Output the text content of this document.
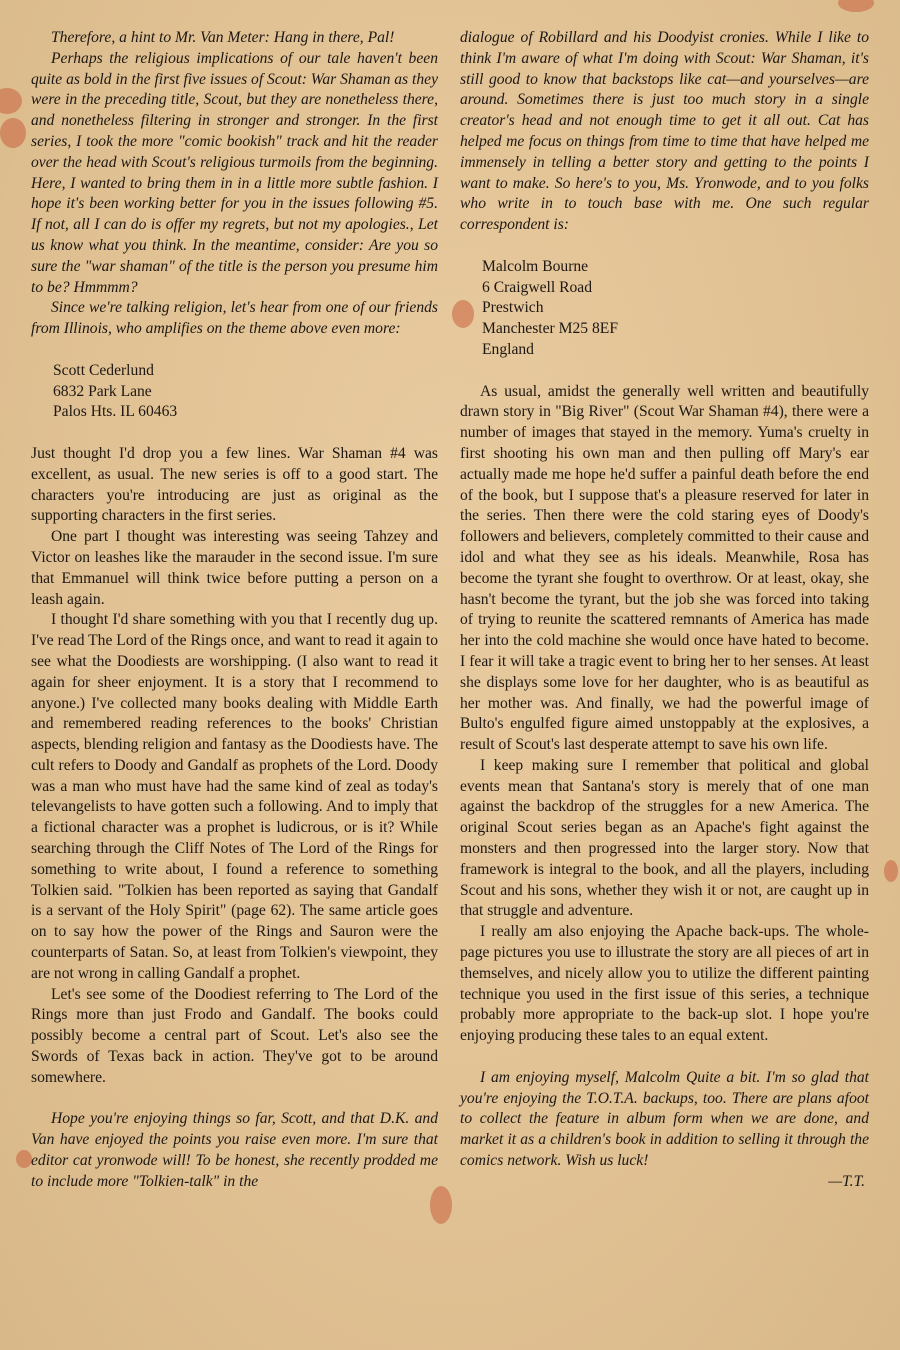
Therefore, a hint to Mr. Van Meter: Hang in there, Pal!

Perhaps the religious implications of our tale haven't been quite as bold in the first five issues of Scout: War Shaman as they were in the preceding title, Scout, but they are nonetheless there, and nonetheless filtering in stronger and stronger. In the first series, I took the more "comic bookish" track and hit the reader over the head with Scout's religious turmoils from the beginning. Here, I wanted to bring them in in a little more subtle fashion. I hope it's been working better for you in the issues following #5. If not, all I can do is offer my regrets, but not my apologies., Let us know what you think. In the meantime, consider: Are you so sure the "war shaman" of the title is the person you presume him to be? Hmmmm?

Since we're talking religion, let's hear from one of our friends from Illinois, who amplifies on the theme above even more:

Scott Cederlund

6832 Park Lane

Palos Hts. IL 60463

Just thought I'd drop you a few lines. War Shaman #4 was excellent, as usual. The new series is off to a good start. The characters you're introducing are just as original as the supporting characters in the first series.

One part I thought was interesting was seeing Tahzey and Victor on leashes like the marauder in the second issue. I'm sure that Emmanuel will think twice before putting a person on a leash again.

I thought I'd share something with you that I recently dug up. I've read The Lord of the Rings once, and want to read it again to see what the Doodiests are worshipping. (I also want to read it again for sheer enjoyment. It is a story that I recommend to anyone.) I've collected many books dealing with Middle Earth and remembered reading references to the books' Christian aspects, blending religion and fantasy as the Doodiests have. The cult refers to Doody and Gandalf as prophets of the Lord. Doody was a man who must have had the same kind of zeal as today's televangelists to have gotten such a following. And to imply that a fictional character was a prophet is ludicrous, or is it? While searching through the Cliff Notes of The Lord of the Rings for something to write about, I found a reference to something Tolkien said. "Tolkien has been reported as saying that Gandalf is a servant of the Holy Spirit" (page 62). The same article goes on to say how the power of the Rings and Sauron were the counterparts of Satan. So, at least from Tolkien's viewpoint, they are not wrong in calling Gandalf a prophet.

Let's see some of the Doodiest referring to The Lord of the Rings more than just Frodo and Gandalf. The books could possibly become a central part of Scout. Let's also see the Swords of Texas back in action. They've got to be around somewhere.

Hope you're enjoying things so far, Scott, and that D.K. and Van have enjoyed the points you raise even more. I'm sure that editor cat yronwode will! To be honest, she recently prodded me to include more "Tolkien-talk" in the

dialogue of Robillard and his Doodyist cronies. While I like to think I'm aware of what I'm doing with Scout: War Shaman, it's still good to know that backstops like cat—and yourselves—are around. Sometimes there is just too much story in a single creator's head and not enough time to get it all out. Cat has helped me focus on things from time to time that have helped me immensely in telling a better story and getting to the points I want to make. So here's to you, Ms. Yronwode, and to you folks who write in to touch base with me. One such regular correspondent is:

Malcolm Bourne

6 Craigwell Road

Prestwich

Manchester M25 8EF

England

As usual, amidst the generally well written and beautifully drawn story in "Big River" (Scout War Shaman #4), there were a number of images that stayed in the memory. Yuma's cruelty in first shooting his own man and then pulling off Mary's ear actually made me hope he'd suffer a painful death before the end of the book, but I suppose that's a pleasure reserved for later in the series. Then there were the cold staring eyes of Doody's followers and believers, completely committed to their cause and idol and what they see as his ideals. Meanwhile, Rosa has become the tyrant she fought to overthrow. Or at least, okay, she hasn't become the tyrant, but the job she was forced into taking of trying to reunite the scattered remnants of America has made her into the cold machine she would once have hated to become. I fear it will take a tragic event to bring her to her senses. At least she displays some love for her daughter, who is as beautiful as her mother was. And finally, we had the powerful image of Bulto's engulfed figure aimed unstoppably at the explosives, a result of Scout's last desperate attempt to save his own life.

I keep making sure I remember that political and global events mean that Santana's story is merely that of one man against the backdrop of the struggles for a new America. The original Scout series began as an Apache's fight against the monsters and then progressed into the larger story. Now that framework is integral to the book, and all the players, including Scout and his sons, whether they wish it or not, are caught up in that struggle and adventure.

I really am also enjoying the Apache back-ups. The whole-page pictures you use to illustrate the story are all pieces of art in themselves, and nicely allow you to utilize the different painting technique you used in the first issue of this series, a technique probably more appropriate to the back-up slot. I hope you're enjoying producing these tales to an equal extent.

I am enjoying myself, Malcolm Quite a bit. I'm so glad that you're enjoying the T.O.T.A. backups, too. There are plans afoot to collect the feature in album form when we are done, and market it as a children's book in addition to selling it through the comics network. Wish us luck!

—T.T.
